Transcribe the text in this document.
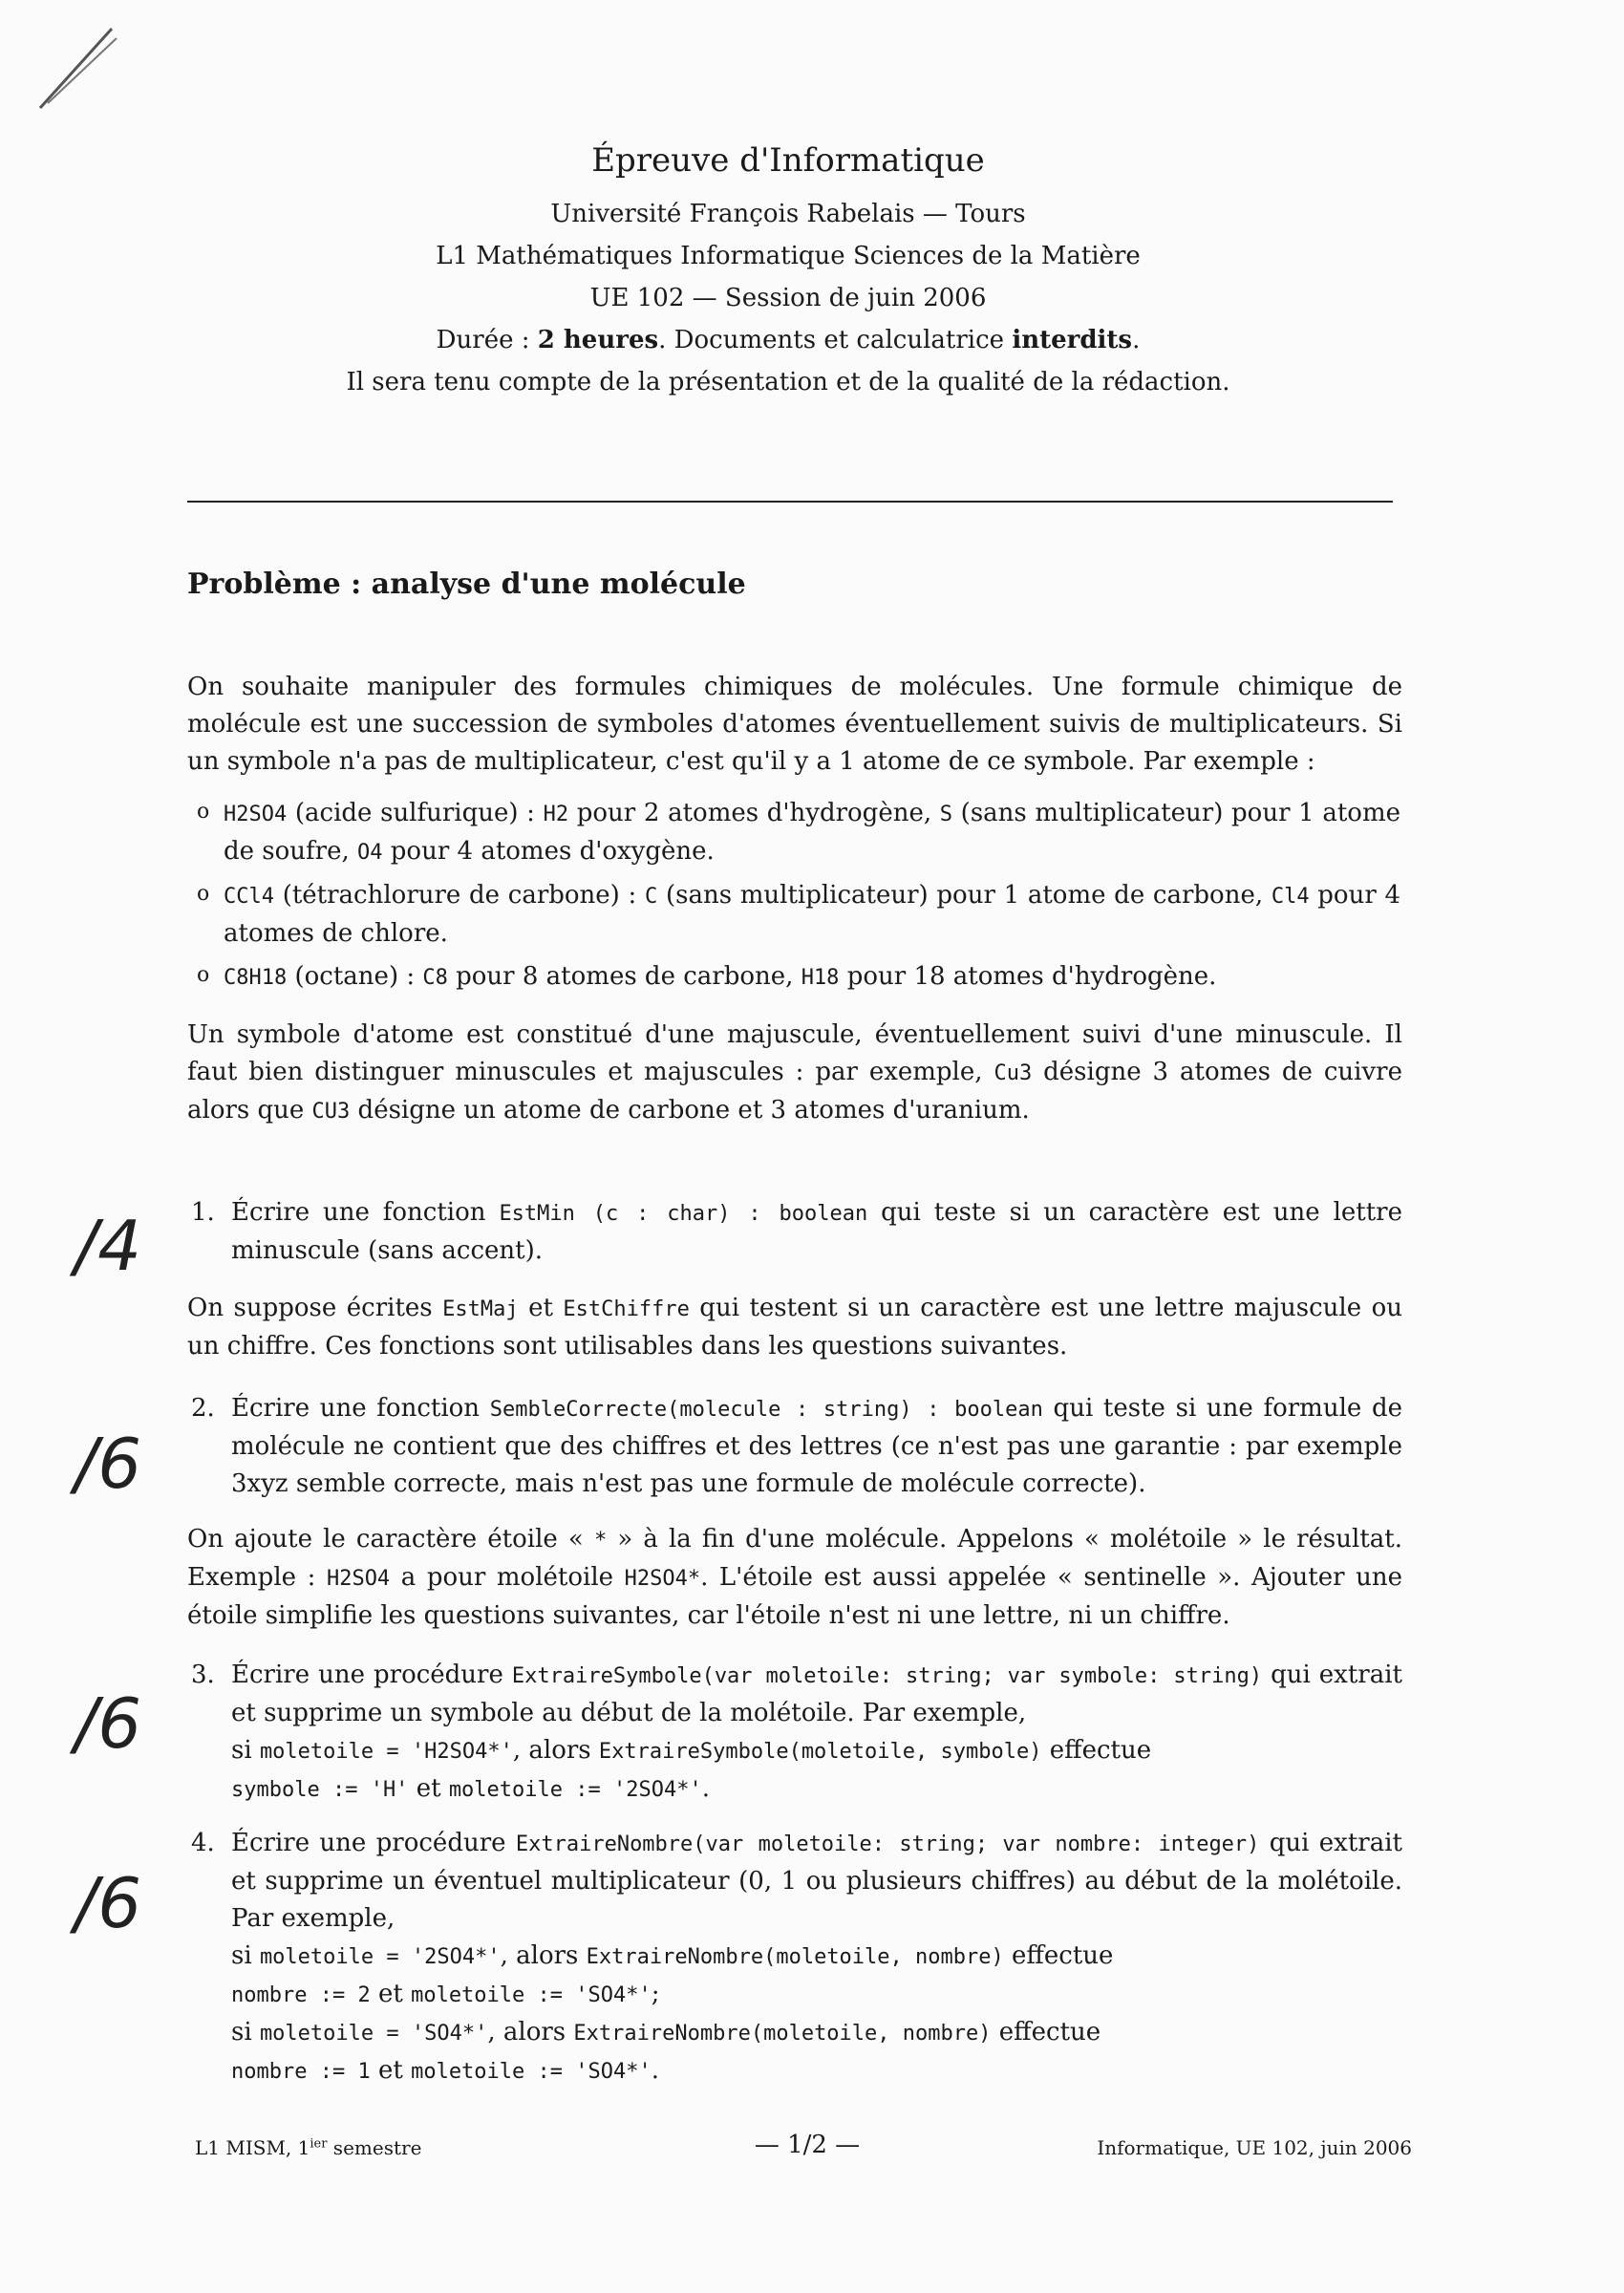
Épreuve d'Informatique
Université François Rabelais — Tours
L1 Mathématiques Informatique Sciences de la Matière
UE 102 — Session de juin 2006
Durée : 2 heures. Documents et calculatrice interdits.
Il sera tenu compte de la présentation et de la qualité de la rédaction.
Problème : analyse d'une molécule
On souhaite manipuler des formules chimiques de molécules. Une formule chimique de molécule est une succession de symboles d'atomes éventuellement suivis de multiplicateurs. Si un symbole n'a pas de multiplicateur, c'est qu'il y a 1 atome de ce symbole. Par exemple :
o H2SO4 (acide sulfurique) : H2 pour 2 atomes d'hydrogène, S (sans multiplicateur) pour 1 atome de soufre, O4 pour 4 atomes d'oxygène.
o CCl4 (tétrachlorure de carbone) : C (sans multiplicateur) pour 1 atome de carbone, Cl4 pour 4 atomes de chlore.
o C8H18 (octane) : C8 pour 8 atomes de carbone, H18 pour 18 atomes d'hydrogène.
Un symbole d'atome est constitué d'une majuscule, éventuellement suivi d'une minuscule. Il faut bien distinguer minuscules et majuscules : par exemple, Cu3 désigne 3 atomes de cuivre alors que CU3 désigne un atome de carbone et 3 atomes d'uranium.
1. Écrire une fonction EstMin (c : char) : boolean qui teste si un caractère est une lettre minuscule (sans accent).
On suppose écrites EstMaj et EstChiffre qui testent si un caractère est une lettre majuscule ou un chiffre. Ces fonctions sont utilisables dans les questions suivantes.
2. Écrire une fonction SembleCorrecte(molecule : string) : boolean qui teste si une formule de molécule ne contient que des chiffres et des lettres (ce n'est pas une garantie : par exemple 3xyz semble correcte, mais n'est pas une formule de molécule correcte).
On ajoute le caractère étoile « * » à la fin d'une molécule. Appelons « molétoile » le résultat. Exemple : H2SO4 a pour molétoile H2SO4*. L'étoile est aussi appelée « sentinelle ». Ajouter une étoile simplifie les questions suivantes, car l'étoile n'est ni une lettre, ni un chiffre.
3. Écrire une procédure ExtraireSymbole(var moletoile: string; var symbole: string) qui extrait et supprime un symbole au début de la molétoile. Par exemple,
si moletoile = 'H2SO4*', alors ExtraireSymbole(moletoile, symbole) effectue
symbole := 'H' et moletoile := '2SO4*'.
4. Écrire une procédure ExtraireNombre(var moletoile: string; var nombre: integer) qui extrait et supprime un éventuel multiplicateur (0, 1 ou plusieurs chiffres) au début de la molétoile. Par exemple,
si moletoile = '2SO4*', alors ExtraireNombre(moletoile, nombre) effectue
nombre := 2 et moletoile := 'SO4*';
si moletoile = 'SO4*', alors ExtraireNombre(moletoile, nombre) effectue
nombre := 1 et moletoile := 'SO4*'.
/4
/6
/6
/6
L1 MISM, $1^{ier}$ semestre	— 1/2 —	Informatique, UE 102, juin 2006
